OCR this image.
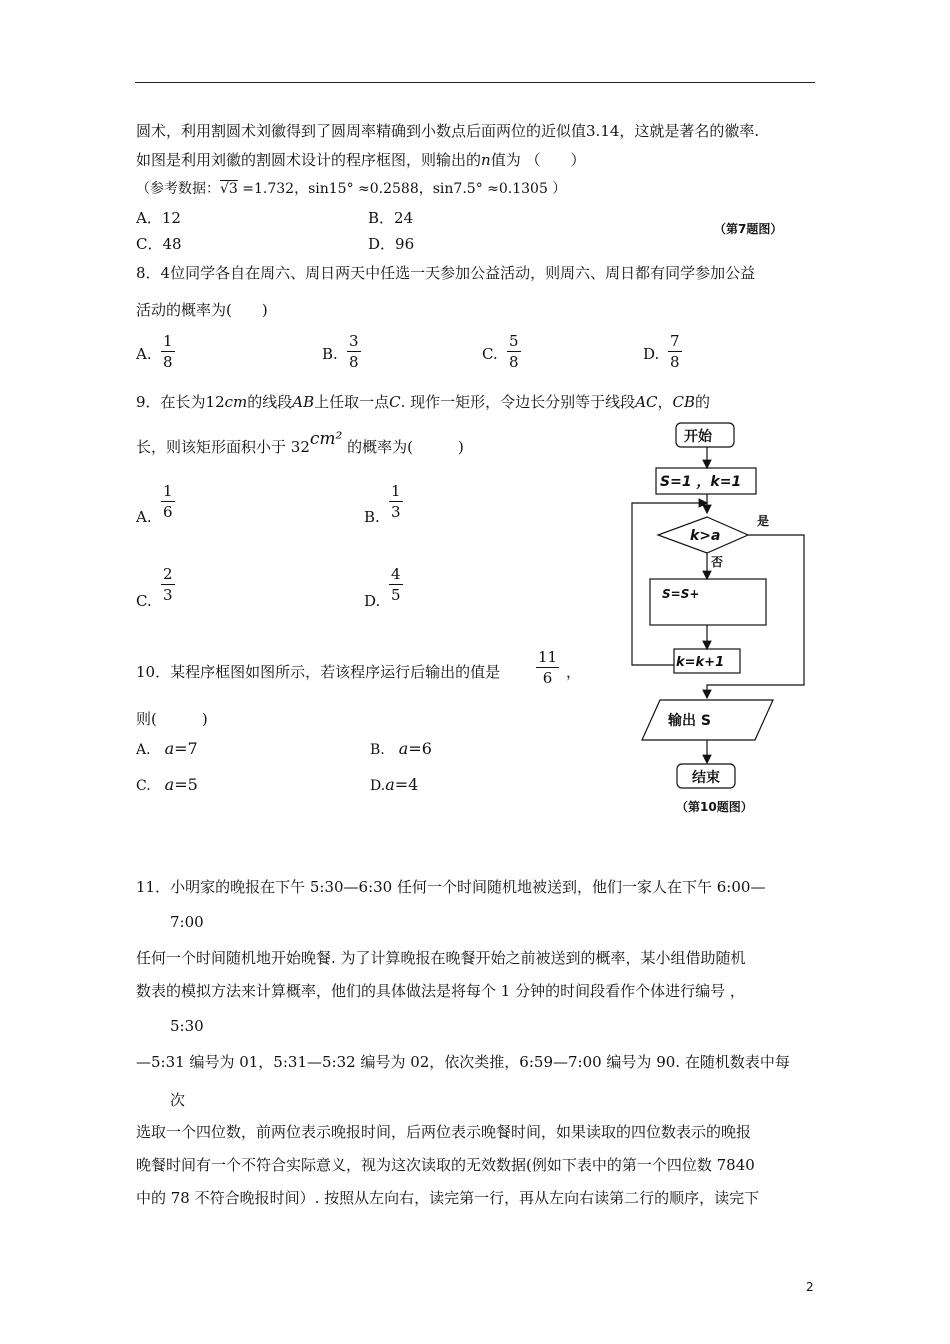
圆术，利用割圆术刘徽得到了圆周率精确到小数点后面两位的近似值3.14，这就是著名的徽率.
如图是利用刘徽的割圆术设计的程序框图，则输出的n值为 （　　）
（参考数据：√3 =1.732，sin15° ≈0.2588，sin7.5° ≈0.1305 ）
A．12	B．24
C．48	D．96
（第7题图）
8．4位同学各自在周六、周日两天中任选一天参加公益活动，则周六、周日都有同学参加公益
活动的概率为(　　)
A.
1
8	B.
3
8	C.
5
8	D.
7
8
9．在长为12cm的线段AB上任取一点C. 现作一矩形，令边长分别等于线段AC，CB的
长，则该矩形面积小于 32cm² 的概率为(　　　)
A.
1
6	B.
1
3
C.
2
3	D.
4
5
10．某程序框图如图所示，若该程序运行后输出的值是
11
6 ，
则(　　　)
A. a=7	B. a=6
C. a=5	D.a=4
开始
S=1 ，k=1
k>a
是
否
S=S+
k=k+1
输出 S
结束
（第10题图）
11．小明家的晚报在下午 5:30—6:30 任何一个时间随机地被送到，他们一家人在下午 6:00—
7:00
任何一个时间随机地开始晚餐. 为了计算晚报在晚餐开始之前被送到的概率，某小组借助随机
数表的模拟方法来计算概率，他们的具体做法是将每个 1 分钟的时间段看作个体进行编号 ，
5:30
—5:31 编号为 01，5:31—5:32 编号为 02，依次类推，6:59—7:00 编号为 90. 在随机数表中每
次
选取一个四位数，前两位表示晚报时间，后两位表示晚餐时间，如果读取的四位数表示的晚报
晚餐时间有一个不符合实际意义，视为这次读取的无效数据(例如下表中的第一个四位数 7840
中的 78 不符合晚报时间）. 按照从左向右，读完第一行，再从左向右读第二行的顺序，读完下
2
